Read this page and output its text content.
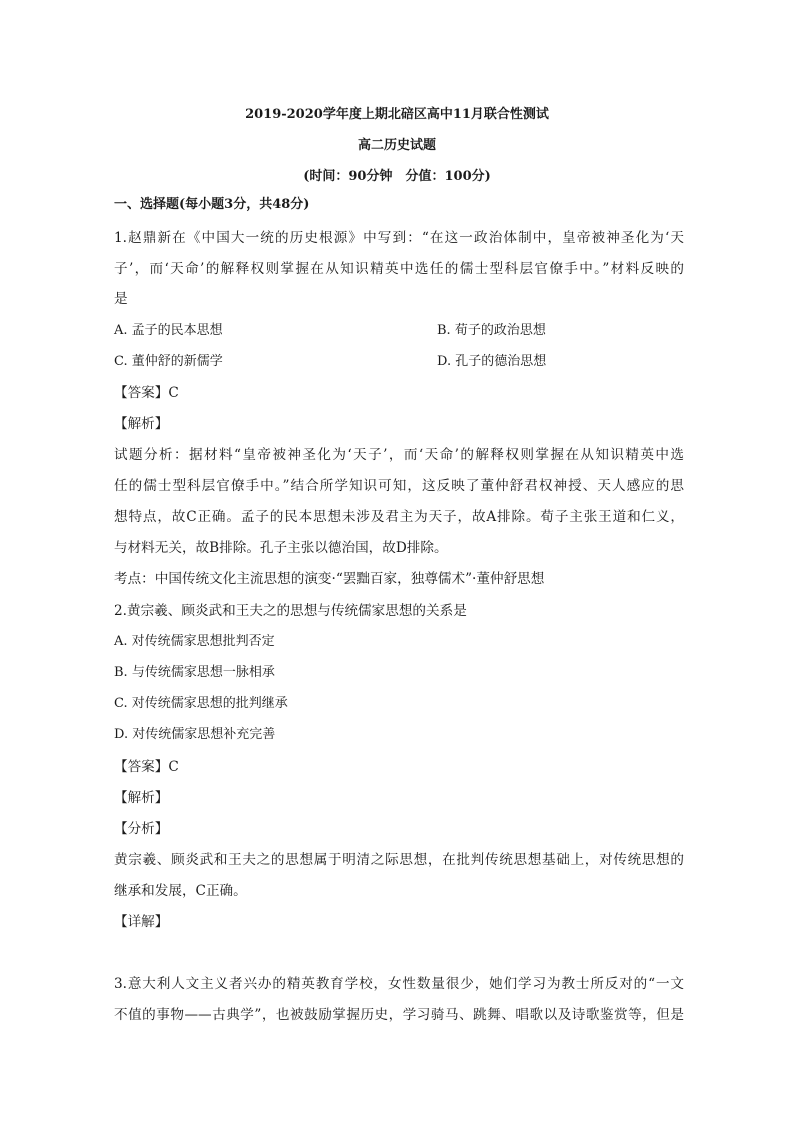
2019-2020学年度上期北碚区高中11月联合性测试
高二历史试题
(时间：90分钟　分值：100分)
一、选择题(每小题3分，共48分)
1.赵鼎新在《中国大一统的历史根源》中写到：“在这一政治体制中，皇帝被神圣化为‘天
子’，而‘天命’的解释权则掌握在从知识精英中选任的儒士型科层官僚手中。”材料反映的
是
A. 孟子的民本思想	B. 荀子的政治思想
C. 董仲舒的新儒学	D. 孔子的德治思想
【答案】C
【解析】
试题分析：据材料“皇帝被神圣化为‘天子’，而‘天命’的解释权则掌握在从知识精英中选
任的儒士型科层官僚手中。”结合所学知识可知，这反映了董仲舒君权神授、天人感应的思
想特点，故C正确。孟子的民本思想未涉及君主为天子，故A排除。荀子主张王道和仁义，
与材料无关，故B排除。孔子主张以德治国，故D排除。
考点：中国传统文化主流思想的演变·“罢黜百家，独尊儒术”·董仲舒思想
2.黄宗羲、顾炎武和王夫之的思想与传统儒家思想的关系是
A. 对传统儒家思想批判否定
B. 与传统儒家思想一脉相承
C. 对传统儒家思想的批判继承
D. 对传统儒家思想补充完善
【答案】C
【解析】
【分析】
黄宗羲、顾炎武和王夫之的思想属于明清之际思想，在批判传统思想基础上，对传统思想的
继承和发展，C正确。
【详解】
3.意大利人文主义者兴办的精英教育学校，女性数量很少，她们学习为教士所反对的“一文
不值的事物——古典学”，也被鼓励掌握历史，学习骑马、跳舞、唱歌以及诗歌鉴赏等，但是
